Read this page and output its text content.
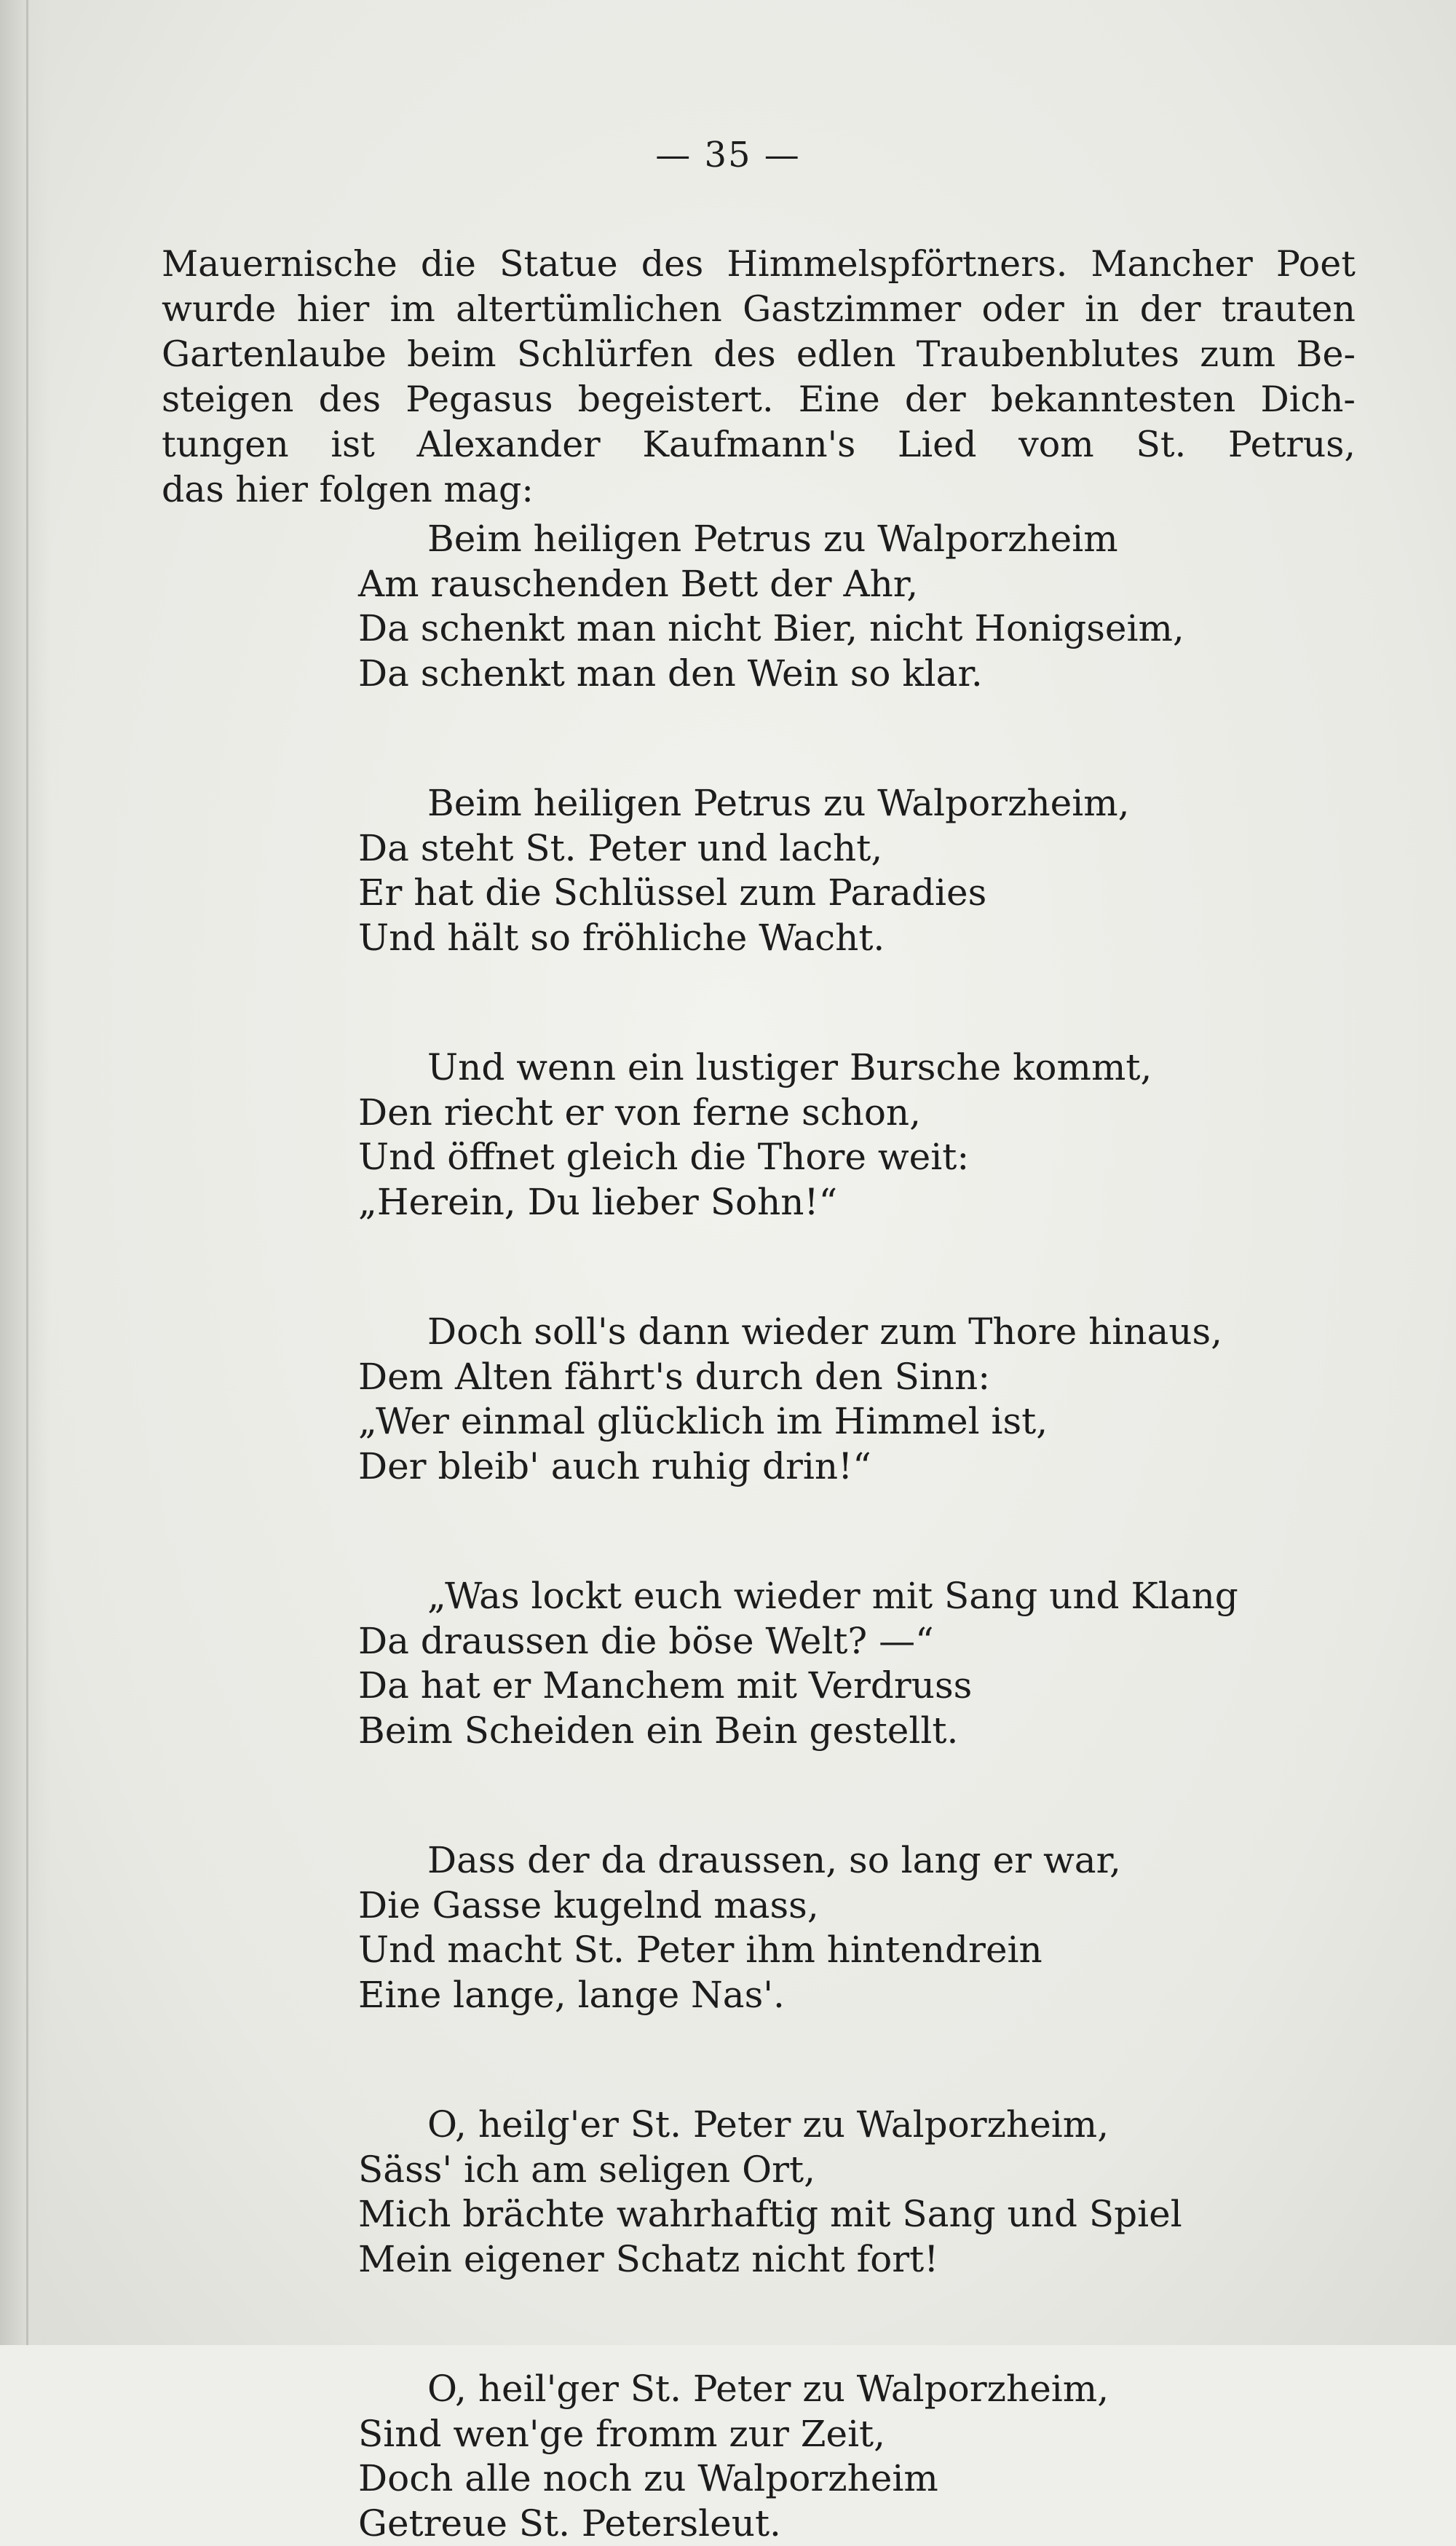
— 35 —
Mauernische die Statue des Himmelspförtners. Mancher Poet
wurde hier im altertümlichen Gastzimmer oder in der trauten
Gartenlaube beim Schlürfen des edlen Traubenblutes zum Be-
steigen des Pegasus begeistert. Eine der bekanntesten Dich-
tungen ist Alexander Kaufmann's Lied vom St. Petrus,
das hier folgen mag:
Beim heiligen Petrus zu Walporzheim
Am rauschenden Bett der Ahr,
Da schenkt man nicht Bier, nicht Honigseim,
Da schenkt man den Wein so klar.
Beim heiligen Petrus zu Walporzheim,
Da steht St. Peter und lacht,
Er hat die Schlüssel zum Paradies
Und hält so fröhliche Wacht.
Und wenn ein lustiger Bursche kommt,
Den riecht er von ferne schon,
Und öffnet gleich die Thore weit:
„Herein, Du lieber Sohn!“
Doch soll's dann wieder zum Thore hinaus,
Dem Alten fährt's durch den Sinn:
„Wer einmal glücklich im Himmel ist,
Der bleib' auch ruhig drin!“
„Was lockt euch wieder mit Sang und Klang
Da draussen die böse Welt? —“
Da hat er Manchem mit Verdruss
Beim Scheiden ein Bein gestellt.
Dass der da draussen, so lang er war,
Die Gasse kugelnd mass,
Und macht St. Peter ihm hintendrein
Eine lange, lange Nas'.
O, heilg'er St. Peter zu Walporzheim,
Säss' ich am seligen Ort,
Mich brächte wahrhaftig mit Sang und Spiel
Mein eigener Schatz nicht fort!
O, heil'ger St. Peter zu Walporzheim,
Sind wen'ge fromm zur Zeit,
Doch alle noch zu Walporzheim
Getreue St. Petersleut.
